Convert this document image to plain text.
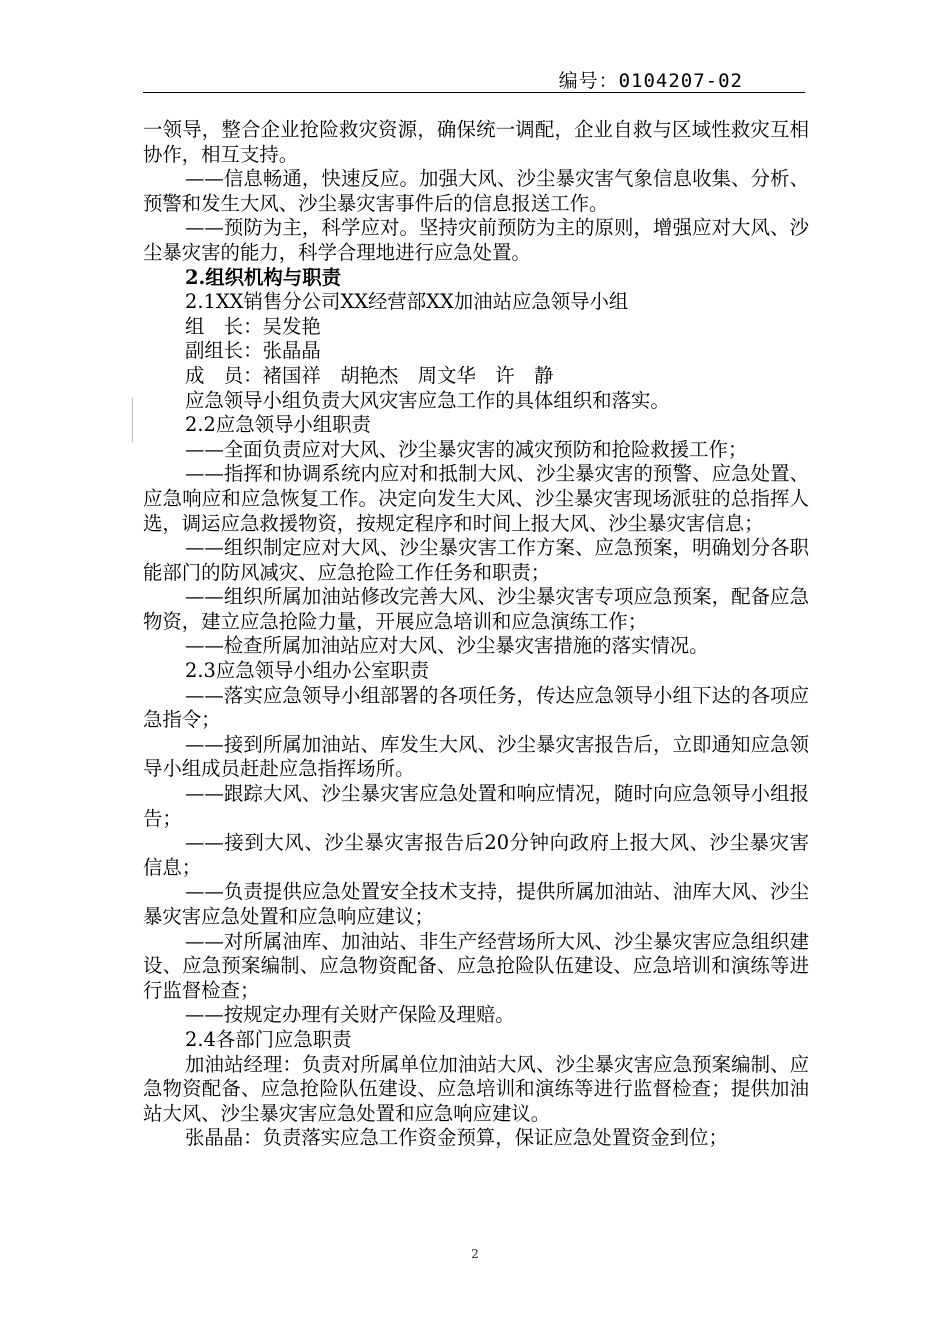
编号：0104207-02

一领导，整合企业抢险救灾资源，确保统一调配，企业自救与区域性救灾互相协作，相互支持。

——信息畅通，快速反应。加强大风、沙尘暴灾害气象信息收集、分析、预警和发生大风、沙尘暴灾害事件后的信息报送工作。

——预防为主，科学应对。坚持灾前预防为主的原则，增强应对大风、沙尘暴灾害的能力，科学合理地进行应急处置。

2.组织机构与职责

2.1XX销售分公司XX经营部XX加油站应急领导小组

组　长：吴发艳

副组长：张晶晶

成　员：褚国祥　胡艳杰　周文华　许　静

应急领导小组负责大风灾害应急工作的具体组织和落实。

2.2应急领导小组职责

——全面负责应对大风、沙尘暴灾害的减灾预防和抢险救援工作；

——指挥和协调系统内应对和抵制大风、沙尘暴灾害的预警、应急处置、应急响应和应急恢复工作。决定向发生大风、沙尘暴灾害现场派驻的总指挥人选，调运应急救援物资，按规定程序和时间上报大风、沙尘暴灾害信息；

——组织制定应对大风、沙尘暴灾害工作方案、应急预案，明确划分各职能部门的防风减灾、应急抢险工作任务和职责；

——组织所属加油站修改完善大风、沙尘暴灾害专项应急预案，配备应急物资，建立应急抢险力量，开展应急培训和应急演练工作；

——检查所属加油站应对大风、沙尘暴灾害措施的落实情况。

2.3应急领导小组办公室职责

——落实应急领导小组部署的各项任务，传达应急领导小组下达的各项应急指令；

——接到所属加油站、库发生大风、沙尘暴灾害报告后，立即通知应急领导小组成员赶赴应急指挥场所。

——跟踪大风、沙尘暴灾害应急处置和响应情况，随时向应急领导小组报告；

——接到大风、沙尘暴灾害报告后20分钟向政府上报大风、沙尘暴灾害信息；

——负责提供应急处置安全技术支持，提供所属加油站、油库大风、沙尘暴灾害应急处置和应急响应建议；

——对所属油库、加油站、非生产经营场所大风、沙尘暴灾害应急组织建设、应急预案编制、应急物资配备、应急抢险队伍建设、应急培训和演练等进行监督检查；

——按规定办理有关财产保险及理赔。

2.4各部门应急职责

加油站经理：负责对所属单位加油站大风、沙尘暴灾害应急预案编制、应急物资配备、应急抢险队伍建设、应急培训和演练等进行监督检查；提供加油站大风、沙尘暴灾害应急处置和应急响应建议。

张晶晶：负责落实应急工作资金预算，保证应急处置资金到位；

2
